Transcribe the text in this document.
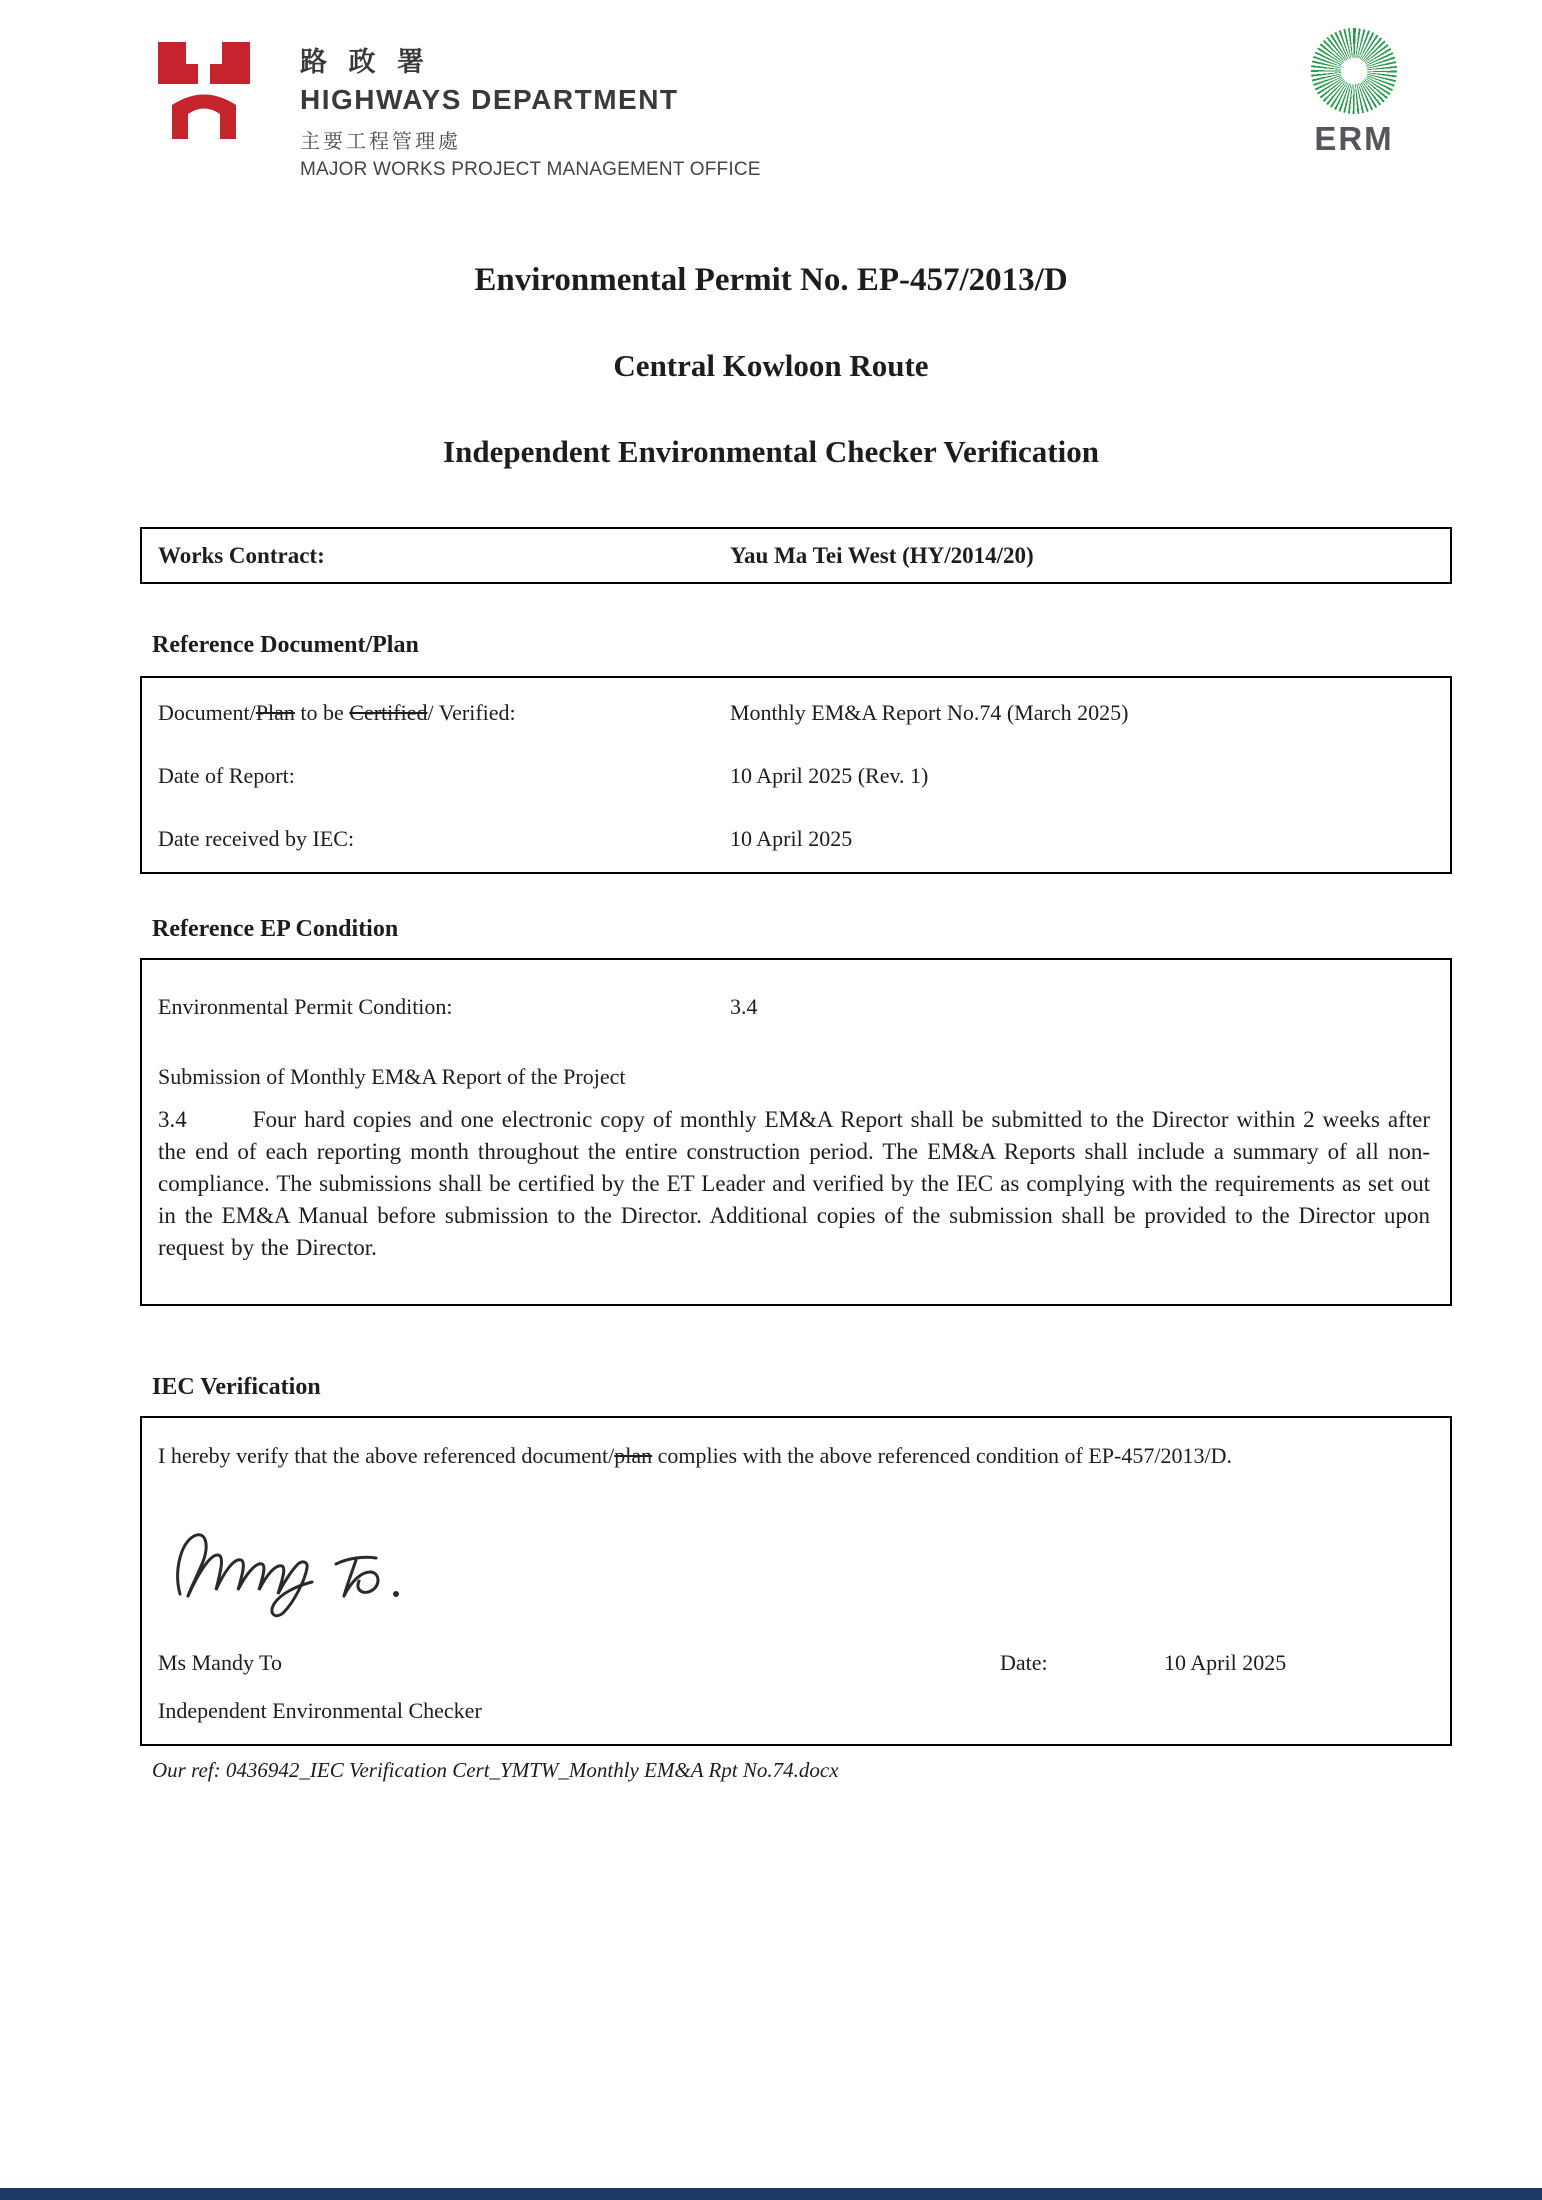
路 政 署
HIGHWAYS DEPARTMENT
主要工程管理處
MAJOR WORKS PROJECT MANAGEMENT OFFICE
ERM
Environmental Permit No. EP-457/2013/D
Central Kowloon Route
Independent Environmental Checker Verification
Works Contract:	Yau Ma Tei West (HY/2014/20)
Reference Document/Plan
Document/Plan to be Certified/ Verified:	Monthly EM&A Report No.74 (March 2025)
Date of Report:	10 April 2025 (Rev. 1)
Date received by IEC:	10 April 2025
Reference EP Condition
Environmental Permit Condition:	3.4
Submission of Monthly EM&A Report of the Project
3.4	Four hard copies and one electronic copy of monthly EM&A Report shall be submitted to the Director within 2 weeks after the end of each reporting month throughout the entire construction period. The EM&A Reports shall include a summary of all non-compliance. The submissions shall be certified by the ET Leader and verified by the IEC as complying with the requirements as set out in the EM&A Manual before submission to the Director. Additional copies of the submission shall be provided to the Director upon request by the Director.
IEC Verification
I hereby verify that the above referenced document/plan complies with the above referenced condition of EP-457/2013/D.
Ms Mandy To	Date:	10 April 2025
Independent Environmental Checker
Our ref: 0436942_IEC Verification Cert_YMTW_Monthly EM&A Rpt No.74.docx
